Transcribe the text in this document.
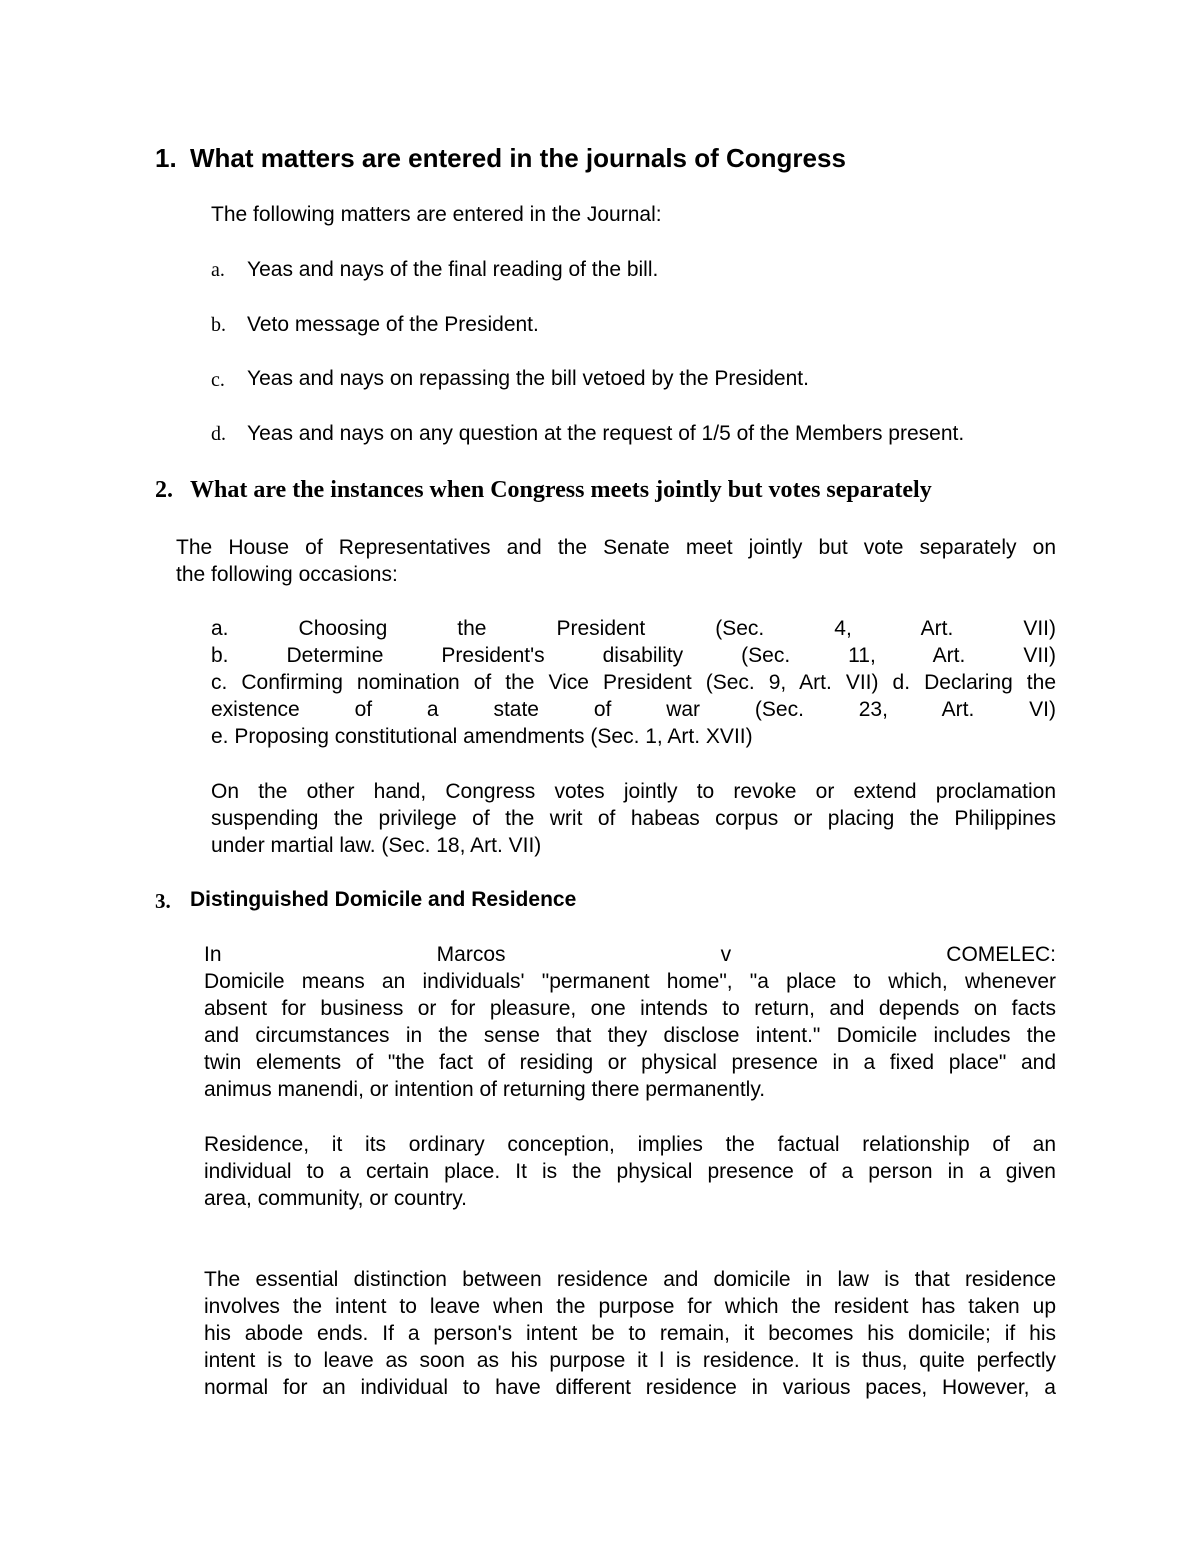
1. What matters are entered in the journals of Congress
The following matters are entered in the Journal:
a. Yeas and nays of the final reading of the bill.
b. Veto message of the President.
c. Yeas and nays on repassing the bill vetoed by the President.
d. Yeas and nays on any question at the request of 1/5 of the Members present.
2. What are the instances when Congress meets jointly but votes separately
The House of Representatives and the Senate meet jointly but vote separately on
the following occasions:
a. Choosing the President (Sec. 4, Art. VII)
b. Determine President's disability (Sec. 11, Art. VII)
c. Confirming nomination of the Vice President (Sec. 9, Art. VII) d. Declaring the
existence of a state of war (Sec. 23, Art. VI)
e. Proposing constitutional amendments (Sec. 1, Art. XVII)
On the other hand, Congress votes jointly to revoke or extend proclamation
suspending the privilege of the writ of habeas corpus or placing the Philippines
under martial law. (Sec. 18, Art. VII)
3. Distinguished Domicile and Residence
In Marcos v COMELEC:
Domicile means an individuals' "permanent home", "a place to which, whenever
absent for business or for pleasure, one intends to return, and depends on facts
and circumstances in the sense that they disclose intent." Domicile includes the
twin elements of "the fact of residing or physical presence in a fixed place" and
animus manendi, or intention of returning there permanently.
Residence, it its ordinary conception, implies the factual relationship of an
individual to a certain place. It is the physical presence of a person in a given
area, community, or country.
The essential distinction between residence and domicile in law is that residence
involves the intent to leave when the purpose for which the resident has taken up
his abode ends. If a person's intent be to remain, it becomes his domicile; if his
intent is to leave as soon as his purpose it l is residence. It is thus, quite perfectly
normal for an individual to have different residence in various paces, However, a
